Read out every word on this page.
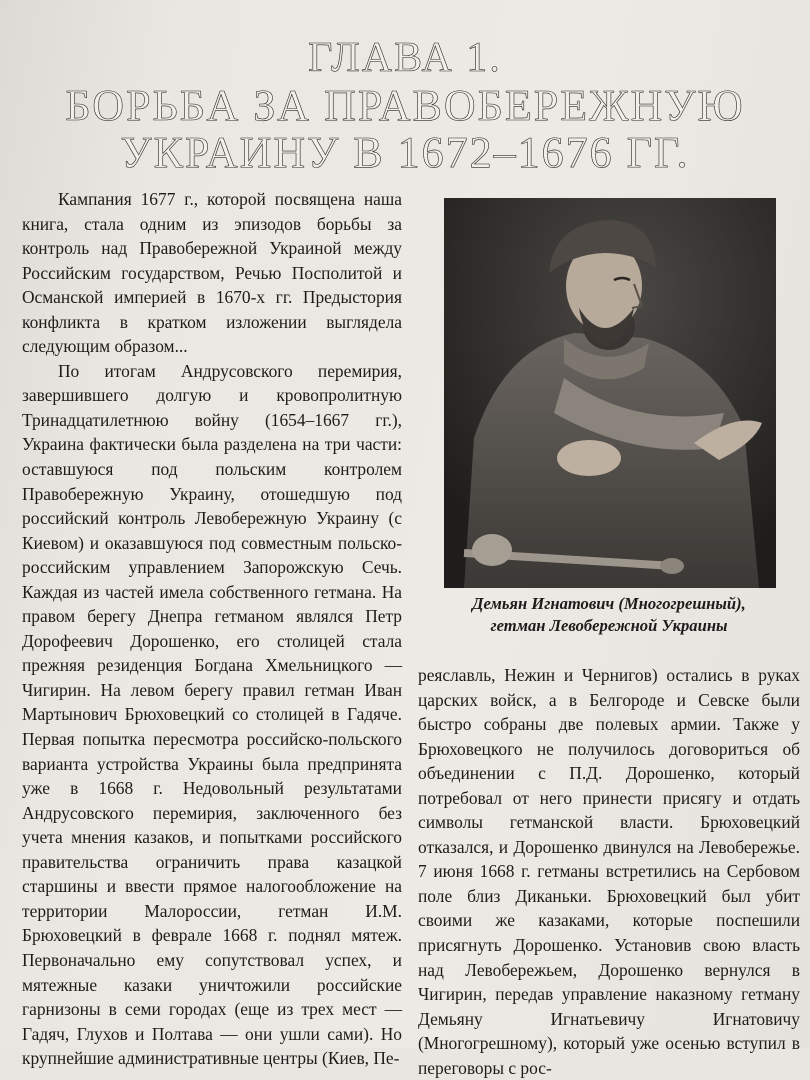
ГЛАВА 1.
БОРЬБА ЗА ПРАВОБЕРЕЖНУЮ
УКРАИНУ В 1672–1676 ГГ.

Кампания 1677 г., которой посвящена наша книга, стала одним из эпизодов борьбы за контроль над Правобережной Украиной между Российским государством, Речью Посполитой и Османской империей в 1670-х гг. Предыстория конфликта в кратком изложении выглядела следующим образом...

По итогам Андрусовского перемирия, завершившего долгую и кровопролитную Тринадцатилетнюю войну (1654–1667 гг.), Украина фактически была разделена на три части: оставшуюся под польским контролем Правобережную Украину, отошедшую под российский контроль Левобережную Украину (с Киевом) и оказавшуюся под совместным польско-российским управлением Запорожскую Сечь. Каждая из частей имела собственного гетмана. На правом берегу Днепра гетманом являлся Петр Дорофеевич Дорошенко, его столицей стала прежняя резиденция Богдана Хмельницкого — Чигирин. На левом берегу правил гетман Иван Мартынович Брюховецкий со столицей в Гадяче. Первая попытка пересмотра российско-польского варианта устройства Украины была предпринята уже в 1668 г. Недовольный результатами Андрусовского перемирия, заключенного без учета мнения казаков, и попытками российского правительства ограничить права казацкой старшины и ввести прямое налогообложение на территории Малороссии, гетман И.М. Брюховецкий в феврале 1668 г. поднял мятеж. Первоначально ему сопутствовал успех, и мятежные казаки уничтожили российские гарнизоны в семи городах (еще из трех мест — Гадяч, Глухов и Полтава — они ушли сами). Но крупнейшие административные центры (Киев, Пе-

Демьян Игнатович (Многогрешный),
гетман Левобережной Украины

реяславль, Нежин и Чернигов) остались в руках царских войск, а в Белгороде и Севске были быстро собраны две полевых армии. Также у Брюховецкого не получилось договориться об объединении с П.Д. Дорошенко, который потребовал от него принести присягу и отдать символы гетманской власти. Брюховецкий отказался, и Дорошенко двинулся на Левобережье. 7 июня 1668 г. гетманы встретились на Сербовом поле близ Диканьки. Брюховецкий был убит своими же казаками, которые поспешили присягнуть Дорошенко. Установив свою власть над Левобережьем, Дорошенко вернулся в Чигирин, передав управление наказному гетману Демьяну Игнатьевичу Игнатовичу (Многогрешному), который уже осенью вступил в переговоры с рос-
